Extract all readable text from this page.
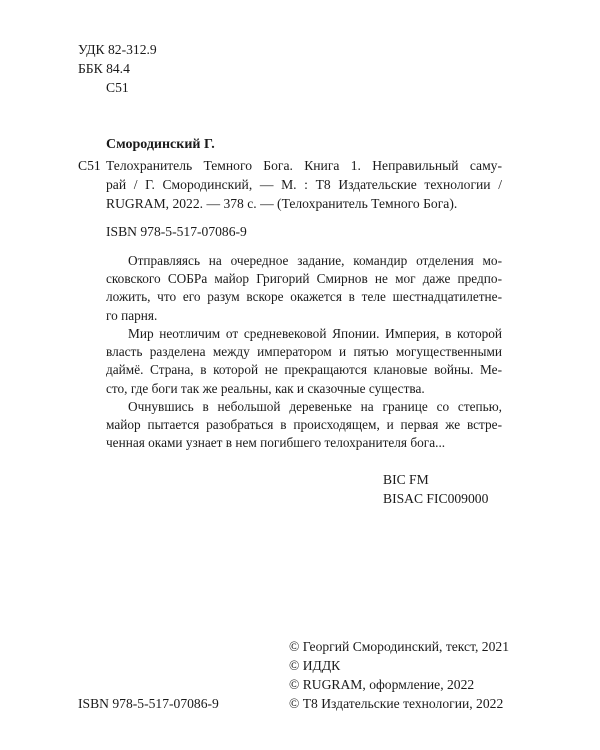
УДК 82-312.9
ББК 84.4
С51
Смородинский Г.
С51 Телохранитель Темного Бога. Книга 1. Неправильный саму-
рай / Г. Смородинский, — М. : Т8 Издательские технологии /
RUGRAM, 2022. — 378 с. — (Телохранитель Темного Бога).
ISBN 978-5-517-07086-9
Отправляясь на очередное задание, командир отделения мо-
сковского СОБРа майор Григорий Смирнов не мог даже предпо-
ложить, что его разум вскоре окажется в теле шестнадцатилетне-
го парня.
Мир неотличим от средневековой Японии. Империя, в которой
власть разделена между императором и пятью могущественными
даймё. Страна, в которой не прекращаются клановые войны. Ме-
сто, где боги так же реальны, как и сказочные существа.
Очнувшись в небольшой деревеньке на границе со степью,
майор пытается разобраться в происходящем, и первая же встре-
ченная оками узнает в нем погибшего телохранителя бога...
BIC FM
BISAC FIC009000
ISBN 978-5-517-07086-9
© Георгий Смородинский, текст, 2021
© ИДДК
© RUGRAM, оформление, 2022
© Т8 Издательские технологии, 2022
